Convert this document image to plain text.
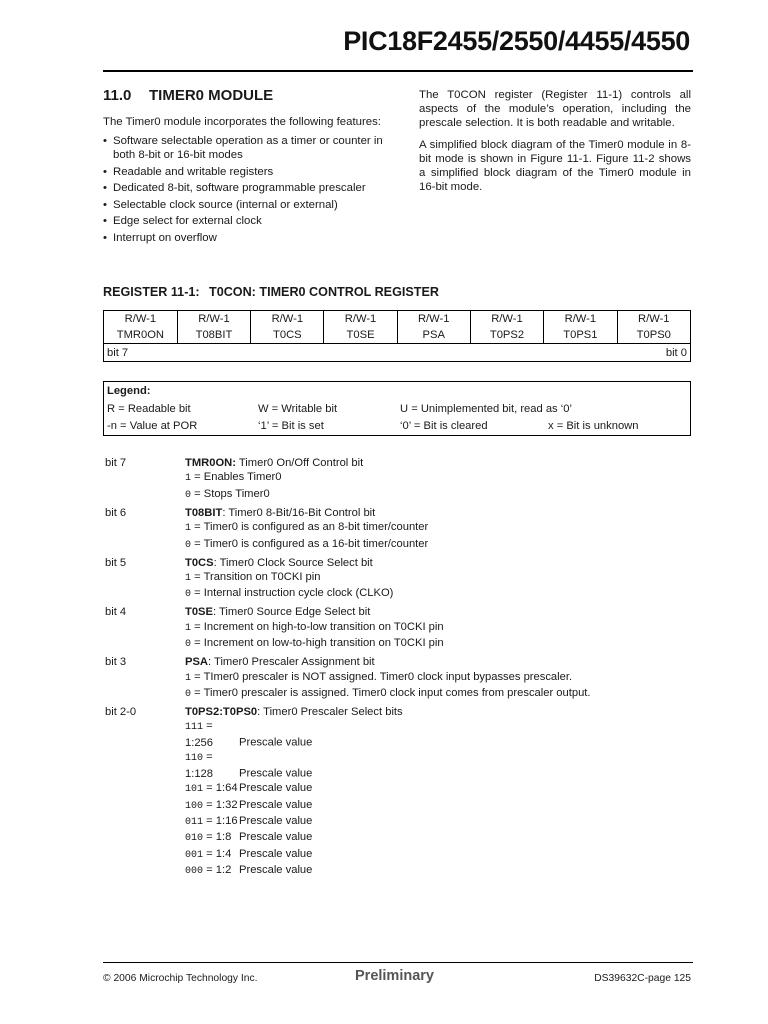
PIC18F2455/2550/4455/4550
11.0 TIMER0 MODULE
The Timer0 module incorporates the following features:
• Software selectable operation as a timer or counter in both 8-bit or 16-bit modes
• Readable and writable registers
• Dedicated 8-bit, software programmable prescaler
• Selectable clock source (internal or external)
• Edge select for external clock
• Interrupt on overflow

The T0CON register (Register 11-1) controls all aspects of the module’s operation, including the prescale selection. It is both readable and writable.

A simplified block diagram of the Timer0 module in 8-bit mode is shown in Figure 11-1. Figure 11-2 shows a simplified block diagram of the Timer0 module in 16-bit mode.

REGISTER 11-1: T0CON: TIMER0 CONTROL REGISTER
R/W-1	R/W-1	R/W-1	R/W-1	R/W-1	R/W-1	R/W-1	R/W-1
TMR0ON	T08BIT	T0CS	T0SE	PSA	T0PS2	T0PS1	T0PS0

bit 7 bit 0							
Legend:
R = Readable bit	W = Writable bit	U = Unimplemented bit, read as ‘0’
-n = Value at POR	‘1’ = Bit is set	‘0’ = Bit is cleared	x = Bit is unknown
bit 7	TMR0ON: Timer0 On/Off Control bit
1 = Enables Timer0
0 = Stops Timer0
bit 6	T08BIT: Timer0 8-Bit/16-Bit Control bit
1 = Timer0 is configured as an 8-bit timer/counter
0 = Timer0 is configured as a 16-bit timer/counter
bit 5	T0CS: Timer0 Clock Source Select bit
1 = Transition on T0CKI pin
0 = Internal instruction cycle clock (CLKO)
bit 4	T0SE: Timer0 Source Edge Select bit
1 = Increment on high-to-low transition on T0CKI pin
0 = Increment on low-to-high transition on T0CKI pin
bit 3	PSA: Timer0 Prescaler Assignment bit
1 = TImer0 prescaler is NOT assigned. Timer0 clock input bypasses prescaler.
0 = Timer0 prescaler is assigned. Timer0 clock input comes from prescaler output.
bit 2-0	T0PS2:T0PS0: Timer0 Prescaler Select bits
111 = 1:256 Prescale value
110 = 1:128 Prescale value
101 = 1:64Prescale value
100 = 1:32Prescale value
011 = 1:16Prescale value
010 = 1:8 Prescale value
001 = 1:4 Prescale value
000 = 1:2 Prescale value
© 2006 Microchip Technology Inc.	Preliminary	DS39632C-page 125
